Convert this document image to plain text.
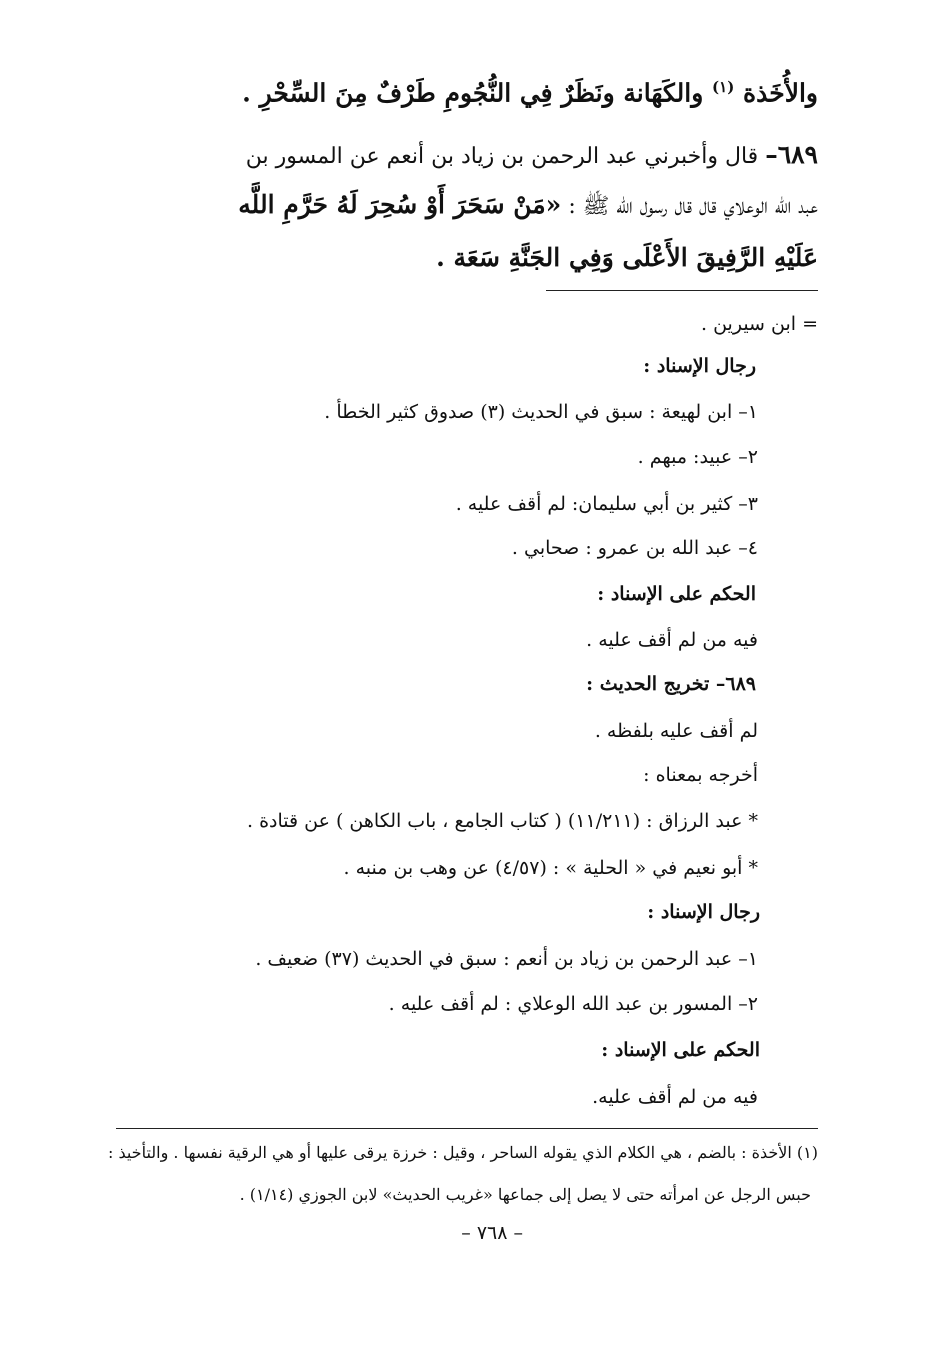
والأُخَذة $^{(١)}$ والكَهَانة ونَظَرٌ فِي النُّجُومِ طَرْفٌ مِنَ السِّحْرِ .
٦٨٩– قال وأخبرني عبد الرحمن بن زياد بن أنعم عن المسور بن
عبد الله الوعلاي قال قال رسول الله ﷺ : «مَنْ سَحَرَ أَوْ سُحِرَ لَهُ حَرَّمِ اللَّه
عَلَيْهِ الرَّفِيقَ الأَعْلَى وَفِي الجَنَّةِ سَعَة .
= ابن سيرين .
رجال الإسناد :
١– ابن لهيعة : سبق في الحديث (٣) صدوق كثير الخطأ .
٢– عبيد: مبهم .
٣– كثير بن أبي سليمان: لم أقف عليه .
٤– عبد الله بن عمرو : صحابي .
الحكم على الإسناد :
فيه من لم أقف عليه .
٦٨٩– تخريج الحديث :
لم أقف عليه بلفظه .
أخرجه بمعناه :
* عبد الرزاق : (١١/٢١١) ( كتاب الجامع ، باب الكاهن ) عن قتادة .
* أبو نعيم في « الحلية » : (٤/٥٧) عن وهب بن منبه .
رجال الإسناد :
١– عبد الرحمن بن زياد بن أنعم : سبق في الحديث (٣٧) ضعيف .
٢– المسور بن عبد الله الوعلاي : لم أقف عليه .
الحكم على الإسناد :
فيه من لم أقف عليه.
(١) الأخذة : بالضم ، هي الكلام الذي يقوله الساحر ، وقيل : خرزة يرقى عليها أو هي الرقية نفسها . والتأخيذ :
حبس الرجل عن امرأته حتى لا يصل إلى جماعها «غريب الحديث» لابن الجوزي (١/١٤) .
– ٧٦٨ –
